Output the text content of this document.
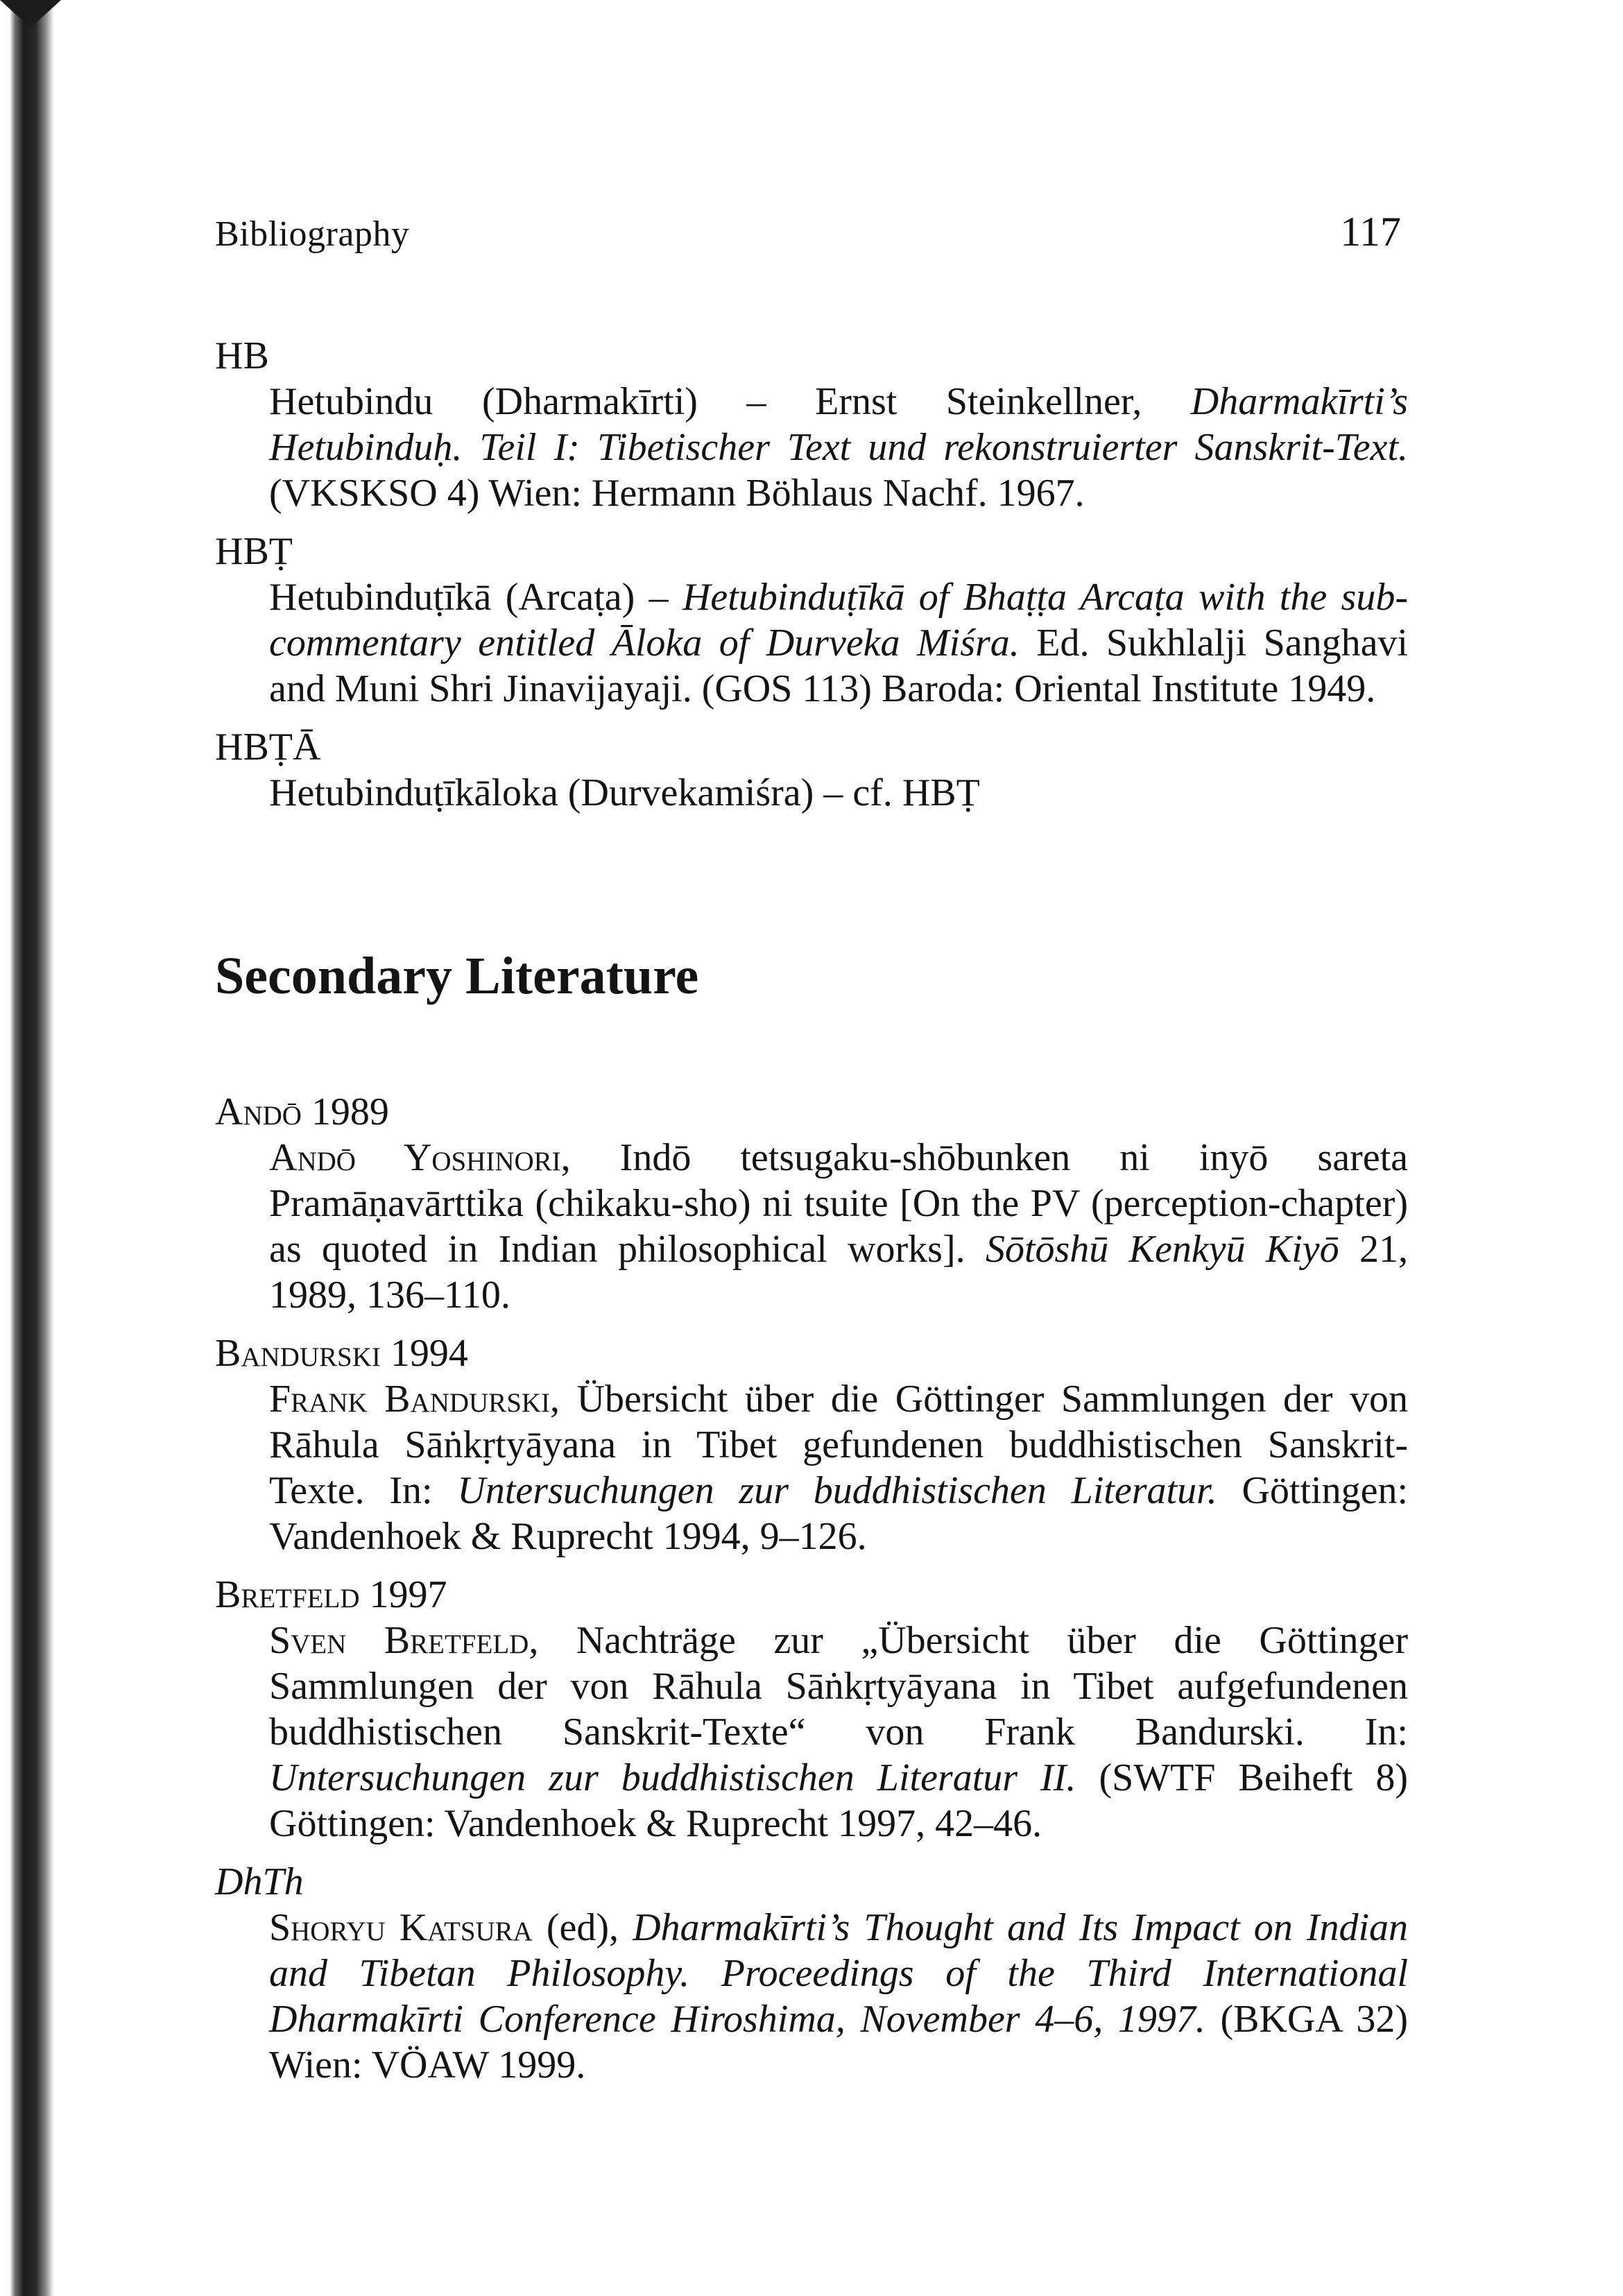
Bibliography	117
HB
Hetubindu (Dharmakīrti) – Ernst Steinkellner, Dharmakīrti’s Hetubinduḥ. Teil I: Tibetischer Text und rekonstruierter Sanskrit-Text. (VKSKSO 4) Wien: Hermann Böhlaus Nachf. 1967.
HBṬ
Hetubinduṭīkā (Arcaṭa) – Hetubinduṭīkā of Bhaṭṭa Arcaṭa with the sub-commentary entitled Āloka of Durveka Miśra. Ed. Sukhlalji Sanghavi and Muni Shri Jinavijayaji. (GOS 113) Baroda: Oriental Institute 1949.
HBṬĀ
Hetubinduṭīkāloka (Durvekamiśra) – cf. HBṬ
Secondary Literature
Andō 1989
Andō Yoshinori, Indō tetsugaku-shōbunken ni inyō sareta Pramāṇavārttika (chikaku-sho) ni tsuite [On the PV (perception-chapter) as quoted in Indian philosophical works]. Sōtōshū Kenkyū Kiyō 21, 1989, 136–110.
Bandurski 1994
Frank Bandurski, Übersicht über die Göttinger Sammlungen der von Rāhula Sāṅkṛtyāyana in Tibet gefundenen buddhistischen Sanskrit-Texte. In: Untersuchungen zur buddhistischen Literatur. Göttingen: Vandenhoek & Ruprecht 1994, 9–126.
Bretfeld 1997
Sven Bretfeld, Nachträge zur „Übersicht über die Göttinger Sammlungen der von Rāhula Sāṅkṛtyāyana in Tibet aufgefundenen buddhistischen Sanskrit-Texte“ von Frank Bandurski. In: Untersuchungen zur buddhistischen Literatur II. (SWTF Beiheft 8) Göttingen: Vandenhoek & Ruprecht 1997, 42–46.
DhTh
Shoryu Katsura (ed), Dharmakīrti’s Thought and Its Impact on Indian and Tibetan Philosophy. Proceedings of the Third International Dharmakīrti Conference Hiroshima, November 4–6, 1997. (BKGA 32) Wien: VÖAW 1999.
